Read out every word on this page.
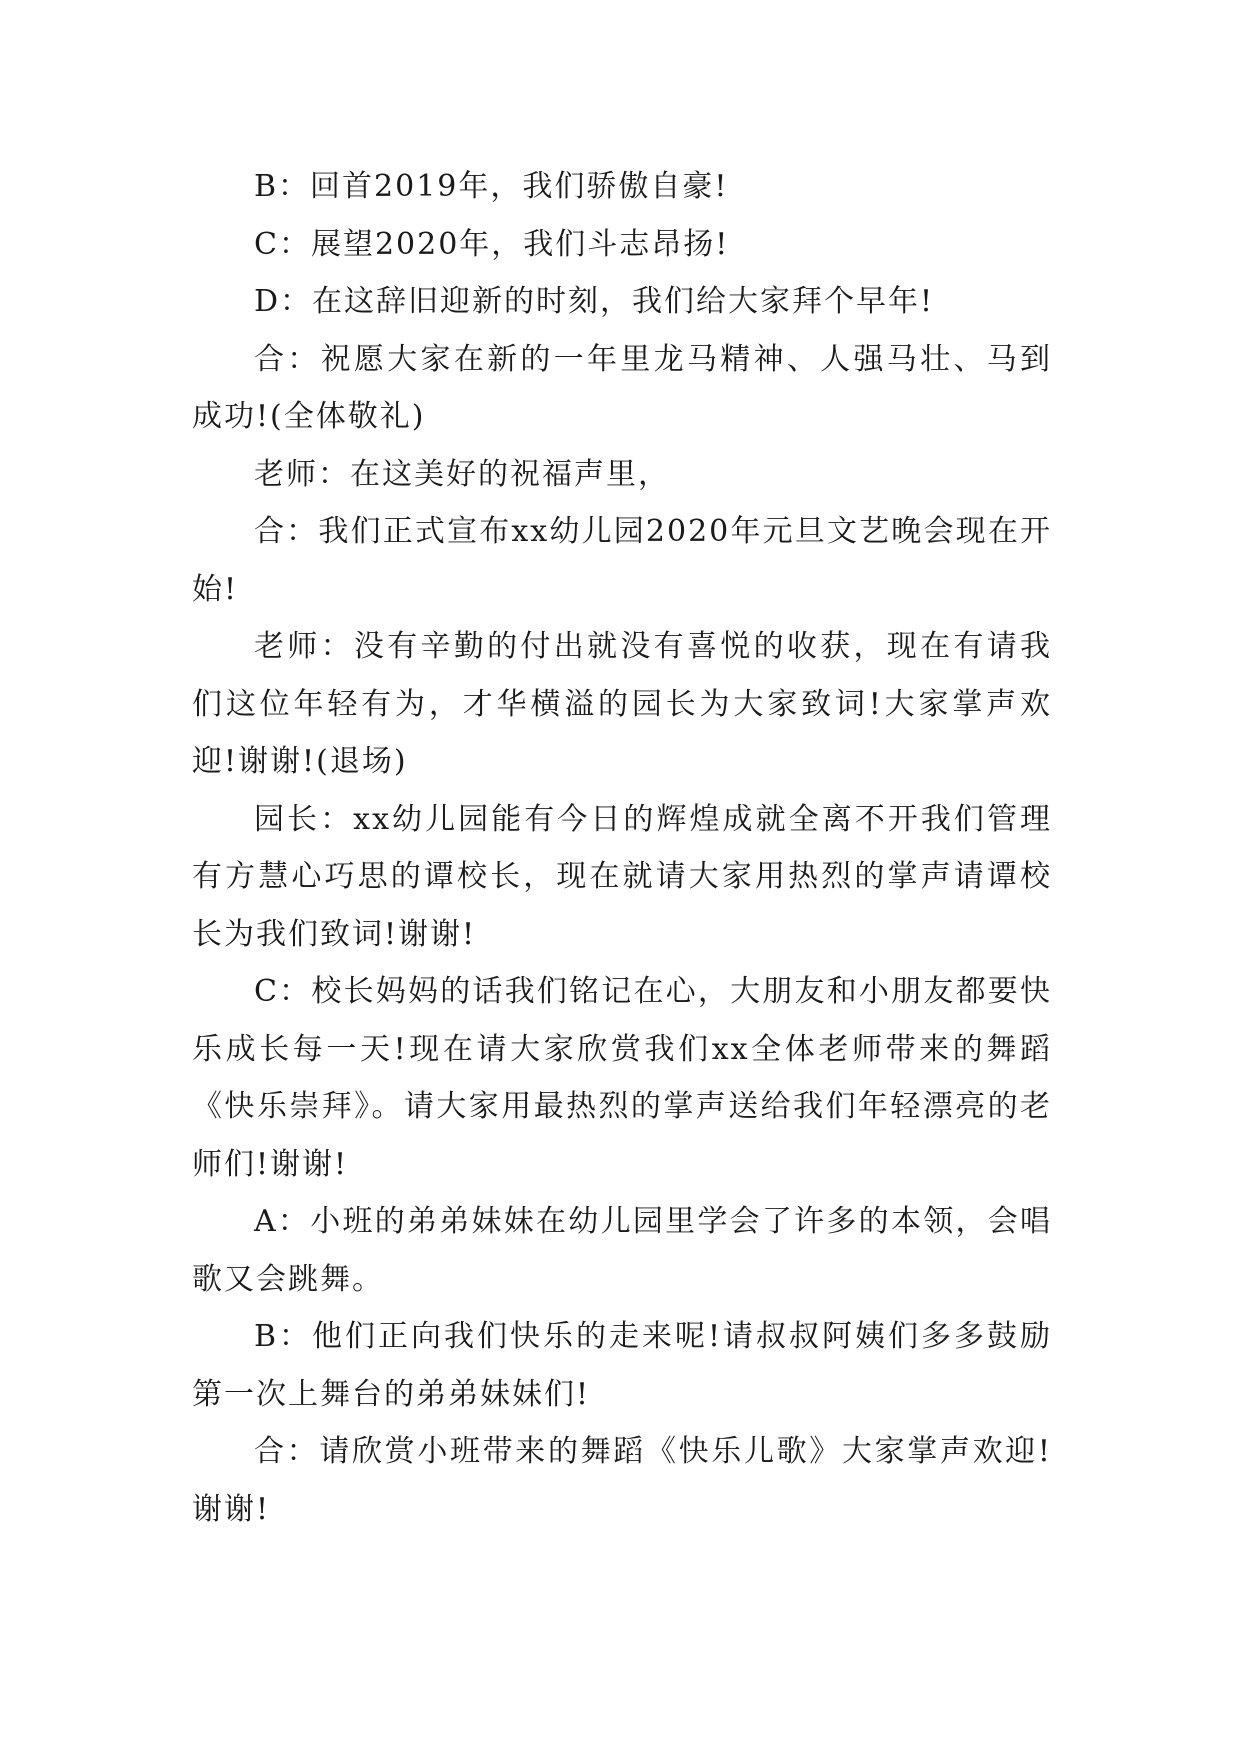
B：回首2019年，我们骄傲自豪!

C：展望2020年，我们斗志昂扬!

D：在这辞旧迎新的时刻，我们给大家拜个早年!

合：祝愿大家在新的一年里龙马精神、人强马壮、马到成功!(全体敬礼)

老师：在这美好的祝福声里，

合：我们正式宣布xx幼儿园2020年元旦文艺晚会现在开始!

老师：没有辛勤的付出就没有喜悦的收获，现在有请我们这位年轻有为，才华横溢的园长为大家致词!大家掌声欢迎!谢谢!(退场)

园长：xx幼儿园能有今日的辉煌成就全离不开我们管理有方慧心巧思的谭校长，现在就请大家用热烈的掌声请谭校长为我们致词!谢谢!

C：校长妈妈的话我们铭记在心，大朋友和小朋友都要快乐成长每一天!现在请大家欣赏我们xx全体老师带来的舞蹈《快乐崇拜》。请大家用最热烈的掌声送给我们年轻漂亮的老师们!谢谢!

A：小班的弟弟妹妹在幼儿园里学会了许多的本领，会唱歌又会跳舞。

B：他们正向我们快乐的走来呢!请叔叔阿姨们多多鼓励第一次上舞台的弟弟妹妹们!

合：请欣赏小班带来的舞蹈《快乐儿歌》大家掌声欢迎!谢谢!
